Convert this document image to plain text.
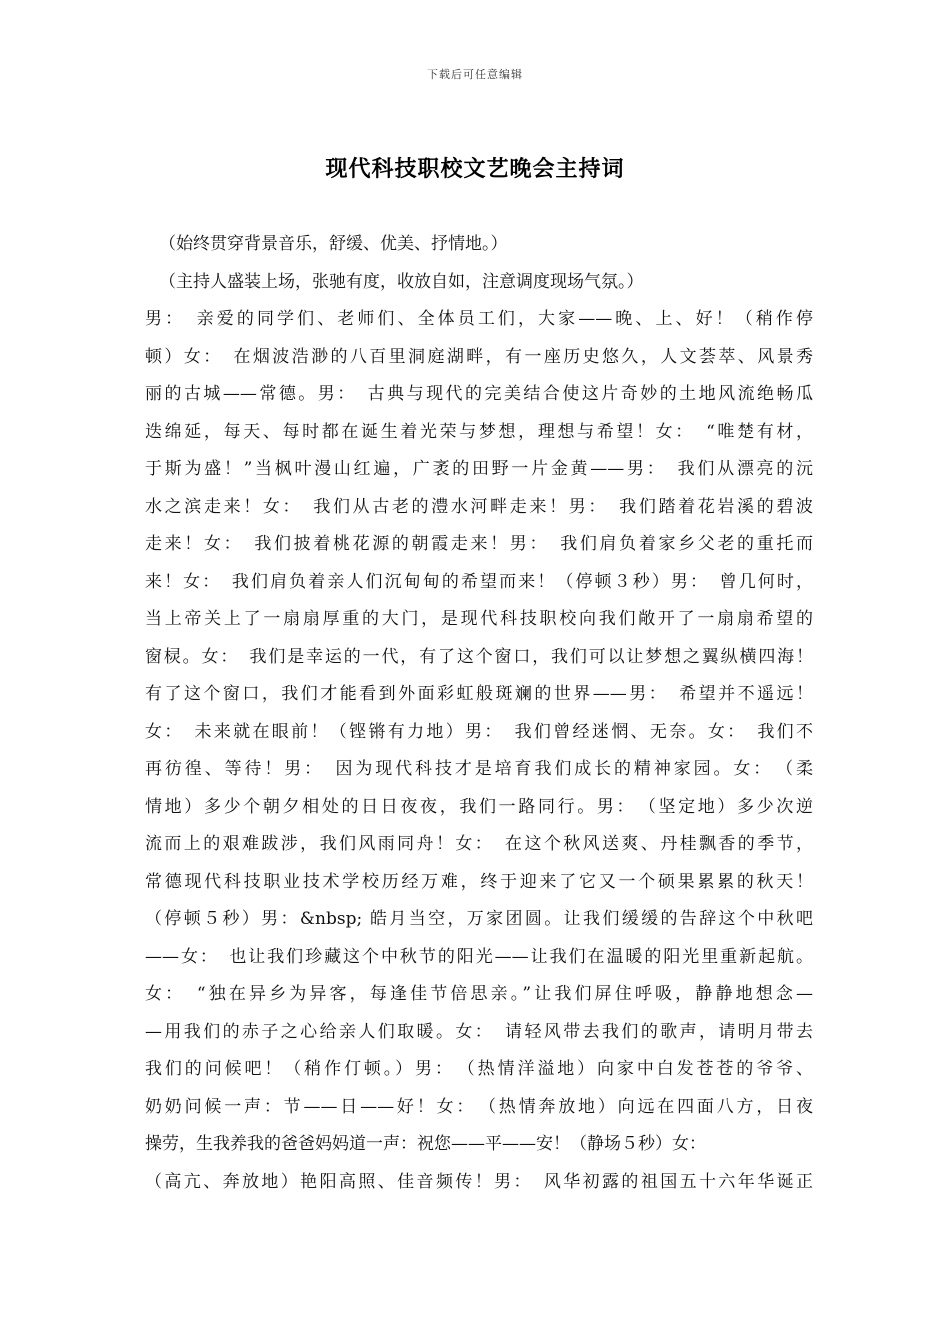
下载后可任意编辑
现代科技职校文艺晚会主持词
（始终贯穿背景音乐，舒缓、优美、抒情地。）
（主持人盛装上场，张驰有度，收放自如，注意调度现场气氛。）
男：　亲爱的同学们、老师们、全体员工们，大家——晚、上、好！（稍作停
顿）女：　在烟波浩渺的八百里洞庭湖畔，有一座历史悠久，人文荟萃、风景秀
丽的古城——常德。男：　古典与现代的完美结合使这片奇妙的土地风流绝畅瓜
迭绵延，每天、每时都在诞生着光荣与梦想，理想与希望！女：　“唯楚有材，
于斯为盛！”当枫叶漫山红遍，广袤的田野一片金黄——男：　我们从漂亮的沅
水之滨走来！女：　我们从古老的澧水河畔走来！男：　我们踏着花岩溪的碧波
走来！女：　我们披着桃花源的朝霞走来！男：　我们肩负着家乡父老的重托而
来！女：　我们肩负着亲人们沉甸甸的希望而来！（停顿３秒）男：　曾几何时，
当上帝关上了一扇扇厚重的大门，是现代科技职校向我们敞开了一扇扇希望的
窗棂。女：　我们是幸运的一代，有了这个窗口，我们可以让梦想之翼纵横四海！
有了这个窗口，我们才能看到外面彩虹般斑斓的世界——男：　希望并不遥远！
女：　未来就在眼前！（铿锵有力地）男：　我们曾经迷惘、无奈。女：　我们不
再彷徨、等待！男：　因为现代科技才是培育我们成长的精神家园。女：　（柔
情地）多少个朝夕相处的日日夜夜，我们一路同行。男：　（坚定地）多少次逆
流而上的艰难跋涉，我们风雨同舟！女：　在这个秋风送爽、丹桂飘香的季节，
常德现代科技职业技术学校历经万难，终于迎来了它又一个硕果累累的秋天！
（停顿５秒）男：&nbsp; 皓月当空，万家团圆。让我们缓缓的告辞这个中秋吧
——女：　也让我们珍藏这个中秋节的阳光——让我们在温暖的阳光里重新起航。
女：　“独在异乡为异客，每逢佳节倍思亲。”让我们屏住呼吸，静静地想念—
—用我们的赤子之心给亲人们取暖。女：　请轻风带去我们的歌声，请明月带去
我们的问候吧！（稍作仃顿。）男：　（热情洋溢地）向家中白发苍苍的爷爷、
奶奶问候一声：节——日——好！女：　（热情奔放地）向远在四面八方，日夜
操劳，生我养我的爸爸妈妈道一声：祝您——平——安！（静场５秒）女：
（高亢、奔放地）艳阳高照、佳音频传！男：　风华初露的祖国五十六年华诞正
